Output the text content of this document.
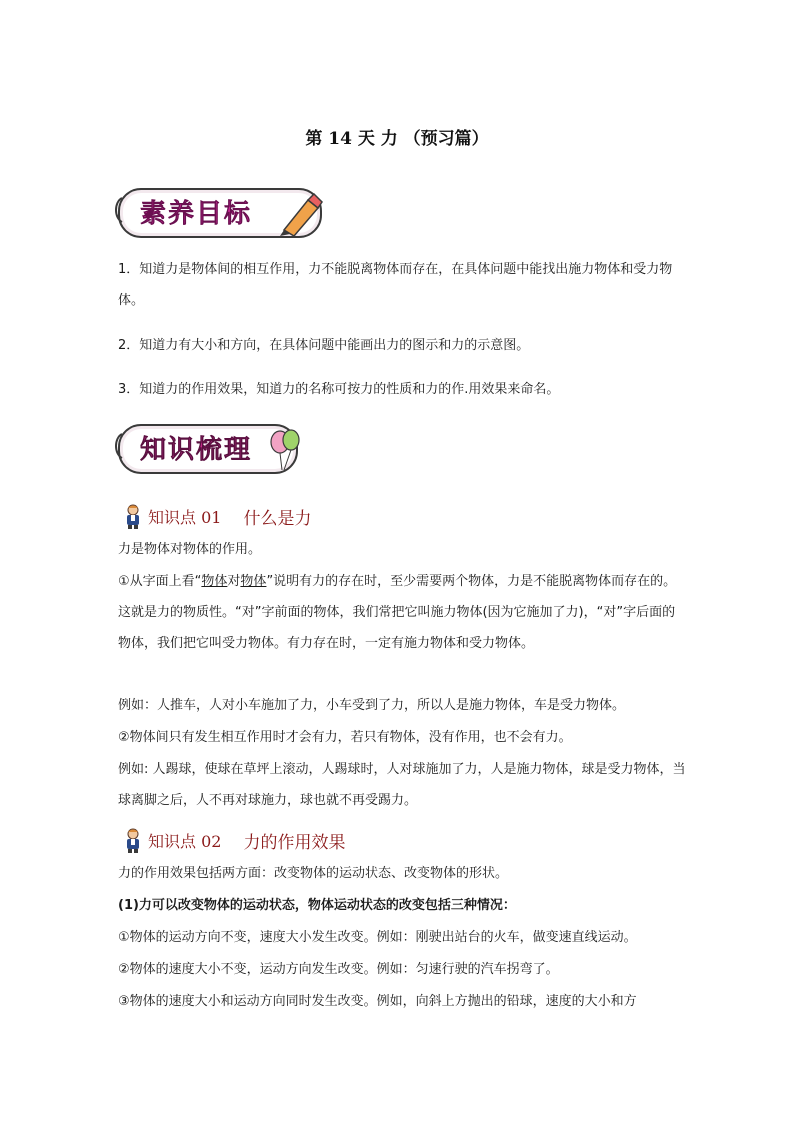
第 14 天 力 （预习篇）
素养目标

1．知道力是物体间的相互作用，力不能脱离物体而存在，在具体问题中能找出施力物体和受力物体。

2．知道力有大小和方向，在具体问题中能画出力的图示和力的示意图。

3．知道力的作用效果，知道力的名称可按力的性质和力的作.用效果来命名。

知识梳理
知识点 01 什么是力

力是物体对物体的作用。

①从字面上看“物体对物体”说明有力的存在时，至少需要两个物体，力是不能脱离物体而存在的。这就是力的物质性。“对”字前面的物体，我们常把它叫施力物体(因为它施加了力)，“对”字后面的物体，我们把它叫受力物体。有力存在时，一定有施力物体和受力物体。

例如：人推车，人对小车施加了力，小车受到了力，所以人是施力物体，车是受力物体。

②物体间只有发生相互作用时才会有力，若只有物体，没有作用，也不会有力。

例如: 人踢球，使球在草坪上滚动，人踢球时，人对球施加了力，人是施力物体，球是受力物体，当球离脚之后，人不再对球施力，球也就不再受踢力。

知识点 02 力的作用效果

力的作用效果包括两方面：改变物体的运动状态、改变物体的形状。

(1)力可以改变物体的运动状态，物体运动状态的改变包括三种情况：

①物体的运动方向不变，速度大小发生改变。例如：刚驶出站台的火车，做变速直线运动。

②物体的速度大小不变，运动方向发生改变。例如：匀速行驶的汽车拐弯了。

③物体的速度大小和运动方向同时发生改变。例如，向斜上方抛出的铅球，速度的大小和方
